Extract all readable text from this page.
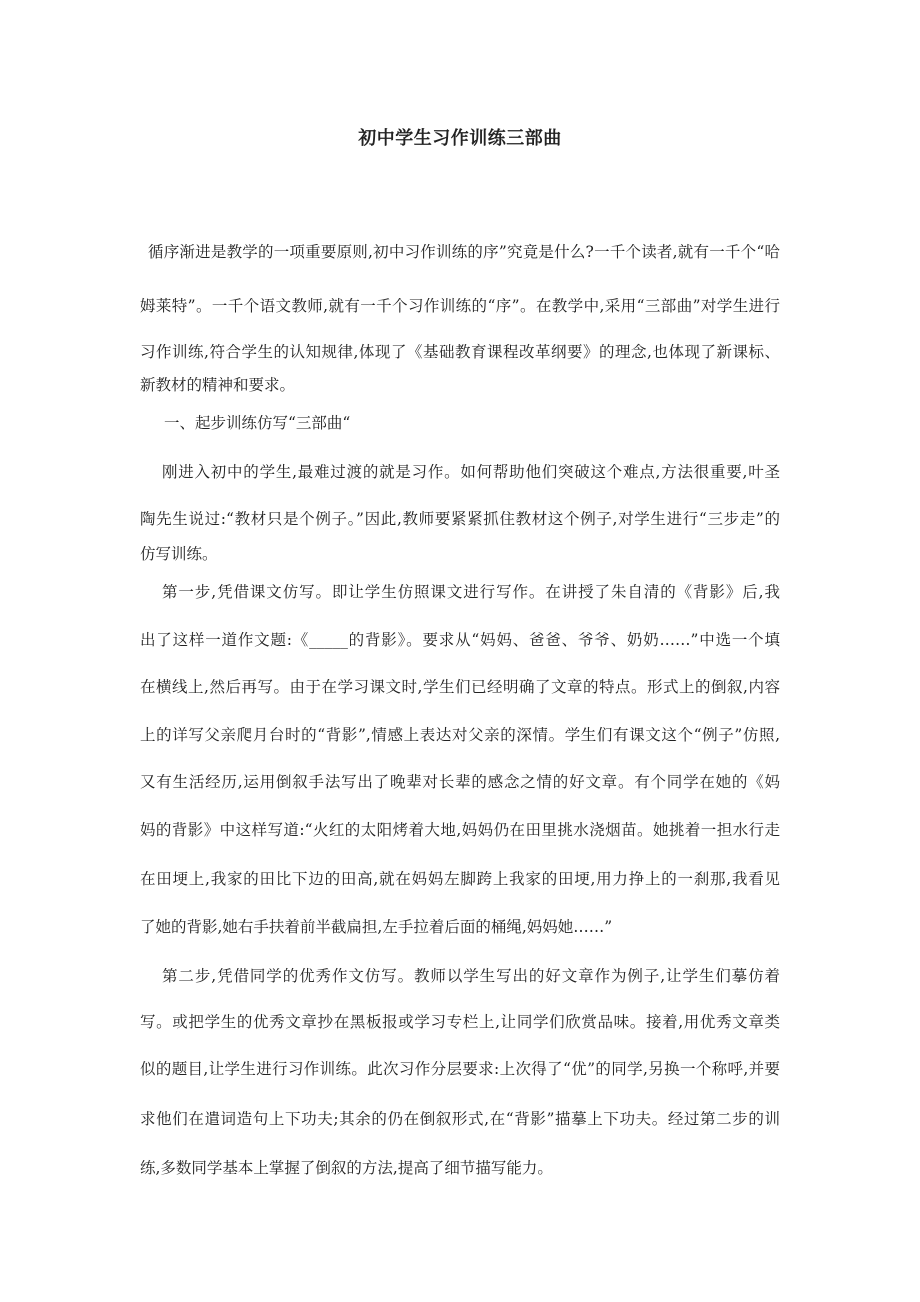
初中学生习作训练三部曲
循序渐进是教学的一项重要原则,初中习作训练的序”究竟是什么?一千个读者,就有一千个“哈
姆莱特”。一千个语文教师,就有一千个习作训练的“序”。在教学中,采用“三部曲”对学生进行
习作训练,符合学生的认知规律,体现了《基础教育课程改革纲要》的理念,也体现了新课标、
新教材的精神和要求。
一、起步训练仿写“三部曲“
刚进入初中的学生,最难过渡的就是习作。如何帮助他们突破这个难点,方法很重要,叶圣
陶先生说过:“教材只是个例子。”因此,教师要紧紧抓住教材这个例子,对学生进行“三步走”的
仿写训练。
第一步,凭借课文仿写。即让学生仿照课文进行写作。在讲授了朱自清的《背影》后,我
出了这样一道作文题:《_____的背影》。要求从“妈妈、爸爸、爷爷、奶奶……”中选一个填
在横线上,然后再写。由于在学习课文时,学生们已经明确了文章的特点。形式上的倒叙,内容
上的详写父亲爬月台时的“背影”,情感上表达对父亲的深情。学生们有课文这个“例子”仿照,
又有生活经历,运用倒叙手法写出了晚辈对长辈的感念之情的好文章。有个同学在她的《妈
妈的背影》中这样写道:“火红的太阳烤着大地,妈妈仍在田里挑水浇烟苗。她挑着一担水行走
在田埂上,我家的田比下边的田高,就在妈妈左脚跨上我家的田埂,用力挣上的一刹那,我看见
了她的背影,她右手扶着前半截扁担,左手拉着后面的桶绳,妈妈她……”
第二步,凭借同学的优秀作文仿写。教师以学生写出的好文章作为例子,让学生们摹仿着
写。或把学生的优秀文章抄在黑板报或学习专栏上,让同学们欣赏品味。接着,用优秀文章类
似的题目,让学生进行习作训练。此次习作分层要求:上次得了“优”的同学,另换一个称呼,并要
求他们在遣词造句上下功夫;其余的仍在倒叙形式,在“背影”描摹上下功夫。经过第二步的训
练,多数同学基本上掌握了倒叙的方法,提高了细节描写能力。
